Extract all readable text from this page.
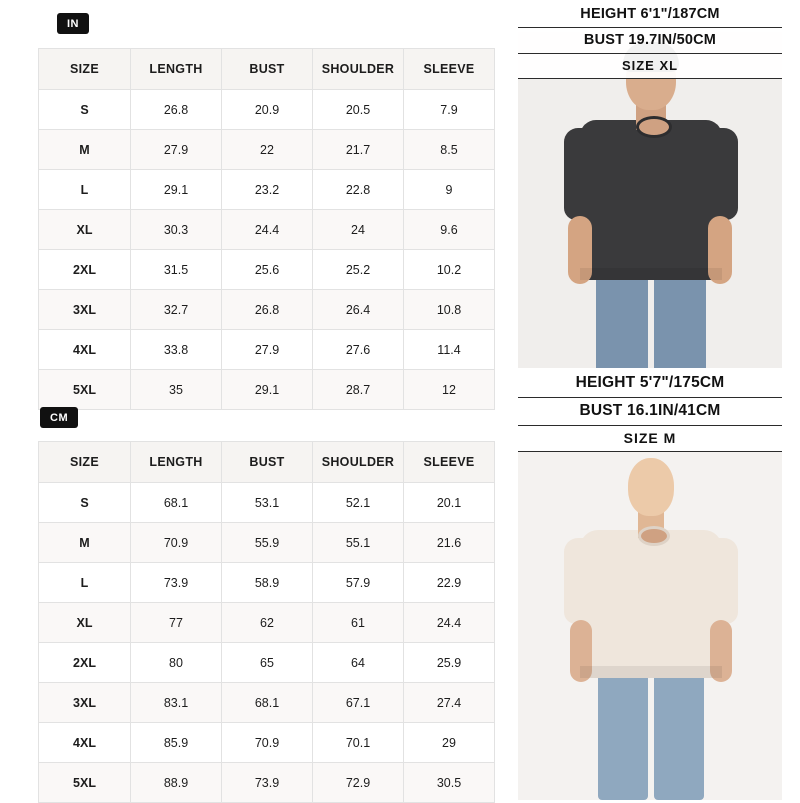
IN
SIZE	LENGTH	BUST	SHOULDER	SLEEVE
S	26.8	20.9	20.5	7.9
M	27.9	22	21.7	8.5
L	29.1	23.2	22.8	9
XL	30.3	24.4	24	9.6
2XL	31.5	25.6	25.2	10.2
3XL	32.7	26.8	26.4	10.8
4XL	33.8	27.9	27.6	11.4
5XL	35	29.1	28.7	12
CM
SIZE	LENGTH	BUST	SHOULDER	SLEEVE
S	68.1	53.1	52.1	20.1
M	70.9	55.9	55.1	21.6
L	73.9	58.9	57.9	22.9
XL	77	62	61	24.4
2XL	80	65	64	25.9
3XL	83.1	68.1	67.1	27.4
4XL	85.9	70.9	70.1	29
5XL	88.9	73.9	72.9	30.5
HEIGHT 6'1"/187CM
BUST 19.7IN/50CM
SIZE XL
HEIGHT 5'7"/175CM
BUST 16.1IN/41CM
SIZE M
